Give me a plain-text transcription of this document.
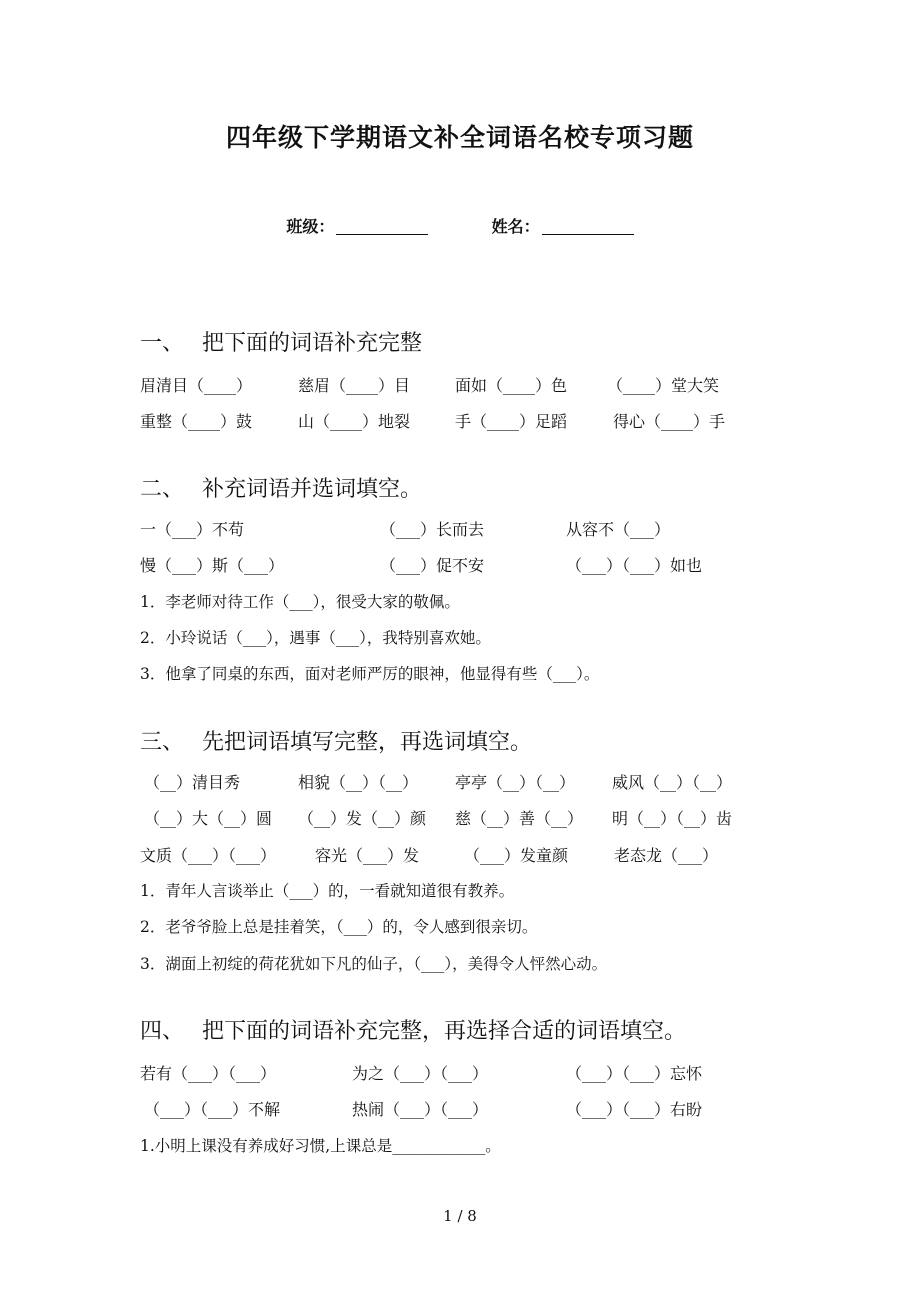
四年级下学期语文补全词语名校专项习题
班级：	姓名：
一、 把下面的词语补充完整
眉清目（____）	慈眉（____）目	面如（____）色 （____）堂大笑
重整（____）鼓	山（____）地裂	手（____）足蹈	得心（____）手
二、 补充词语并选词填空。
一（___）不苟	（___）长而去	从容不（___）
慢（___）斯（___）	（___）促不安	（___）（___）如也
1．李老师对待工作（___），很受大家的敬佩。
2．小玲说话（___），遇事（___），我特别喜欢她。
3．他拿了同桌的东西，面对老师严厉的眼神，他显得有些（___）。
三、 先把词语填写完整，再选词填空。
（__）清目秀	相貌（__）（__） 亭亭（__）（__） 威风（__）（__）
（__）大（__）圆 （__）发（__）颜 慈（__）善（__） 明（__）（__）齿
文质（___）（___） 容光（___）发	（___）发童颜	老态龙（___）
1．青年人言谈举止（___）的，一看就知道很有教养。
2．老爷爷脸上总是挂着笑，（___）的，令人感到很亲切。
3．湖面上初绽的荷花犹如下凡的仙子，（___），美得令人怦然心动。
四、 把下面的词语补充完整，再选择合适的词语填空。
若有（___）（___）	为之（___）（___）	（___）（___）忘怀
（___）（___）不解	热闹（___）（___）	（___）（___）右盼
1.小明上课没有养成好习惯,上课总是____________。
1 / 8
